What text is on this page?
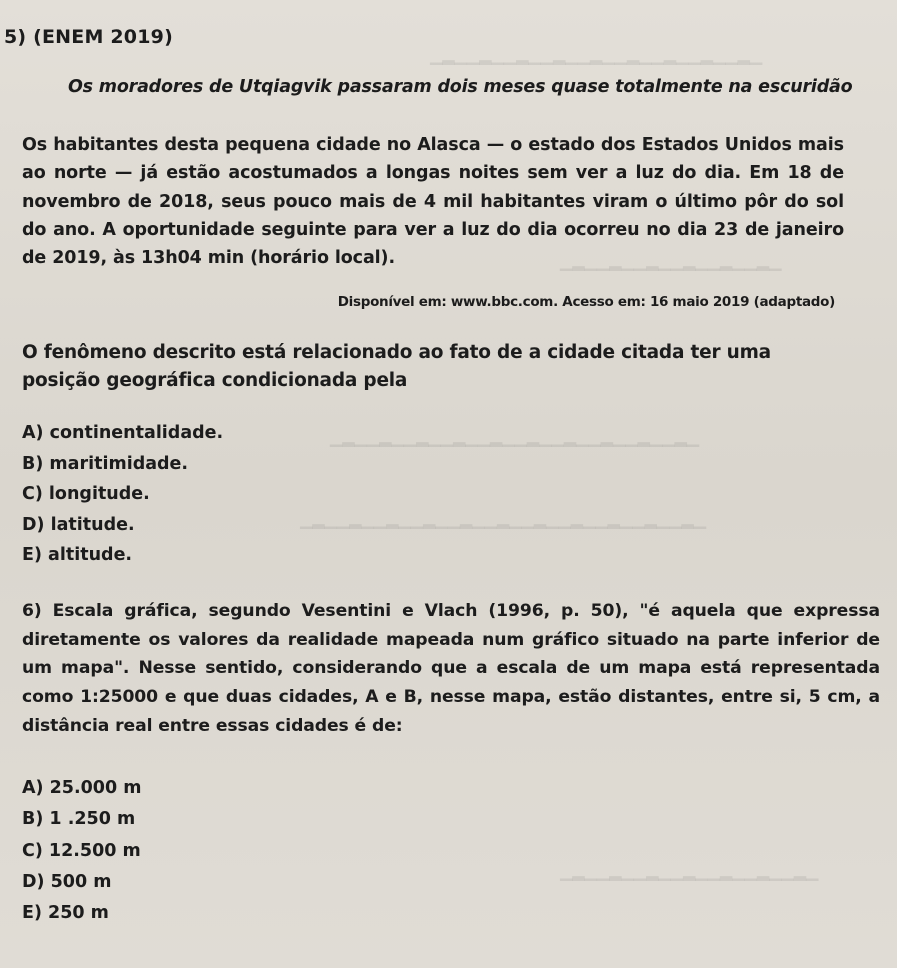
▁▂▁▁▂▁▁▂▁▁▂▁▁▂▁▁▂▁▁▂▁▁▂▁▁▂▁
▁▂▁▁▂▁▁▂▁▁▂▁▁▂▁▁▂▁
▁▂▁▁▂▁▁▂▁▁▂▁▁▂▁▁▂▁▁▂▁▁▂▁▁▂▁▁▂▁
▁▂▁▁▂▁▁▂▁▁▂▁▁▂▁▁▂▁▁▂▁▁▂▁▁▂▁▁▂▁▁▂▁
▁▂▁▁▂▁▁▂▁▁▂▁▁▂▁▁▂▁▁▂▁
5) (ENEM 2019)
Os moradores de Utqiagvik passaram dois meses quase totalmente na escuridão
Os habitantes desta pequena cidade no Alasca — o estado dos Estados Unidos mais ao norte — já estão acostumados a longas noites sem ver a luz do dia. Em 18 de novembro de 2018, seus pouco mais de 4 mil habitantes viram o último pôr do sol do ano. A oportunidade seguinte para ver a luz do dia ocorreu no dia 23 de janeiro de 2019, às 13h04 min (horário local).
Disponível em: www.bbc.com. Acesso em: 16 maio 2019 (adaptado)
O fenômeno descrito está relacionado ao fato de a cidade citada ter uma posição geográfica condicionada pela
A) continentalidade.
B) maritimidade.
C) longitude.
D) latitude.
E) altitude.
6) Escala gráfica, segundo Vesentini e Vlach (1996, p. 50), "é aquela que expressa diretamente os valores da realidade mapeada num gráfico situado na parte inferior de um mapa". Nesse sentido, considerando que a escala de um mapa está representada como 1:25000 e que duas cidades, A e B, nesse mapa, estão distantes, entre si, 5 cm, a distância real entre essas cidades é de:
A) 25.000 m
B) 1 .250 m
C) 12.500 m
D) 500 m
E) 250 m
